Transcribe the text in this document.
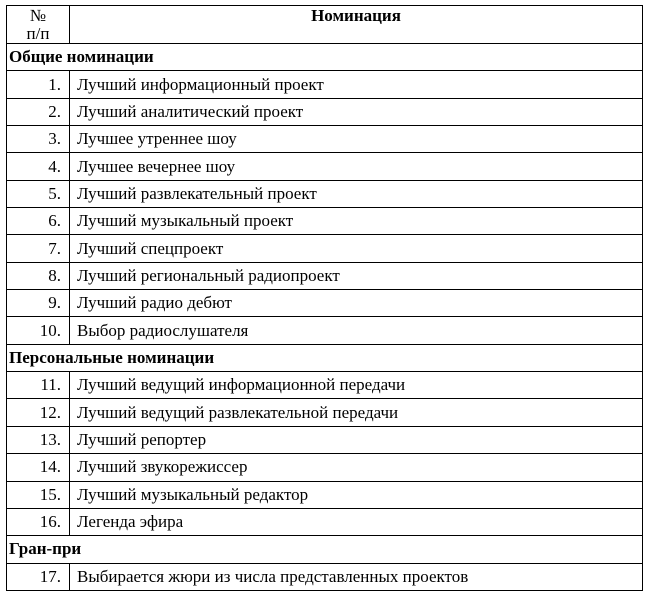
№
п/п	Номинация
Общие номинации	
1.	Лучший информационный проект
2.	Лучший аналитический проект
3.	Лучшее утреннее шоу
4.	Лучшее вечернее шоу
5.	Лучший развлекательный проект
6.	Лучший музыкальный проект
7.	Лучший спецпроект
8.	Лучший региональный радиопроект
9.	Лучший радио дебют
10.	Выбор радиослушателя
Персональные номинации	
11.	Лучший ведущий информационной передачи
12.	Лучший ведущий развлекательной передачи
13.	Лучший репортер
14.	Лучший звукорежиссер
15.	Лучший музыкальный редактор
16.	Легенда эфира
Гран-при	
17.	Выбирается жюри из числа представленных проектов
